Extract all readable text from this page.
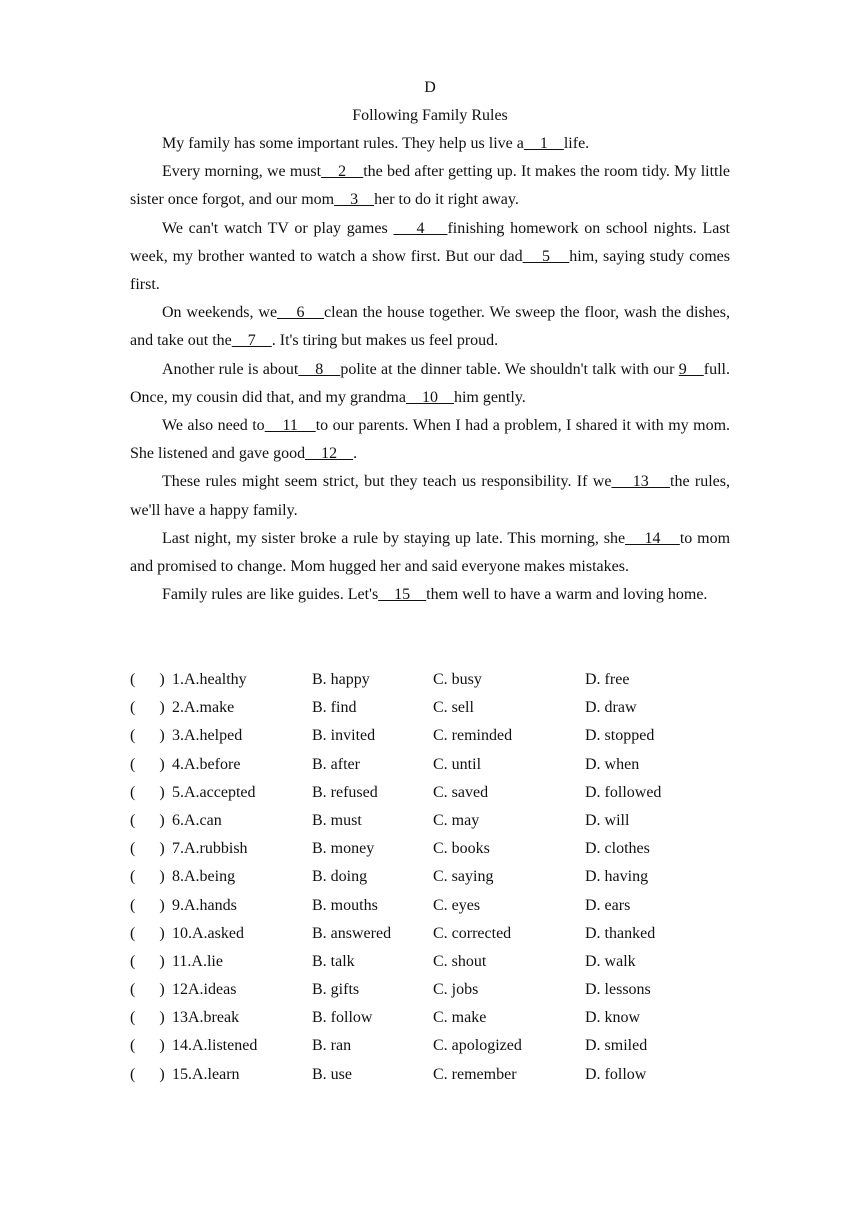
D
Following Family Rules

My family has some important rules. They help us live a    1    life.

Every morning, we must    2    the bed after getting up. It makes the room tidy. My little sister once forgot, and our mom    3    her to do it right away.

We can't watch TV or play games     4    finishing homework on school nights. Last week, my brother wanted to watch a show first. But our dad    5    him, saying study comes first.

On weekends, we    6    clean the house together. We sweep the floor, wash the dishes, and take out the    7    . It's tiring but makes us feel proud.

Another rule is about    8    polite at the dinner table. We shouldn't talk with our 9    full. Once, my cousin did that, and my grandma    10    him gently.

We also need to    11    to our parents. When I had a problem, I shared it with my mom. She listened and gave good    12    .

These rules might seem strict, but they teach us responsibility. If we    13    the rules, we'll have a happy family.

Last night, my sister broke a rule by staying up late. This morning, she    14    to mom and promised to change. Mom hugged her and said everyone makes mistakes.

Family rules are like guides. Let's    15    them well to have a warm and loving home.

(      ) 1.A.healthy	B. happy	C. busy	D. free
(      ) 2.A.make	B. find	C. sell	D. draw
(      ) 3.A.helped	B. invited	C. reminded	D. stopped
(      ) 4.A.before	B. after	C. until	D. when
(      ) 5.A.accepted	B. refused	C. saved	D. followed
(      ) 6.A.can	B. must	C. may	D. will
(      ) 7.A.rubbish	B. money	C. books	D. clothes
(      ) 8.A.being	B. doing	C. saying	D. having
(      ) 9.A.hands	B. mouths	C. eyes	D. ears
(      ) 10.A.asked	B. answered	C. corrected	D. thanked
(      ) 11.A.lie	B. talk	C. shout	D. walk
(      ) 12A.ideas	B. gifts	C. jobs	D. lessons
(      ) 13A.break	B. follow	C. make	D. know
(      ) 14.A.listened	B. ran	C. apologized	D. smiled
(      ) 15.A.learn	B. use	C. remember	D. follow
